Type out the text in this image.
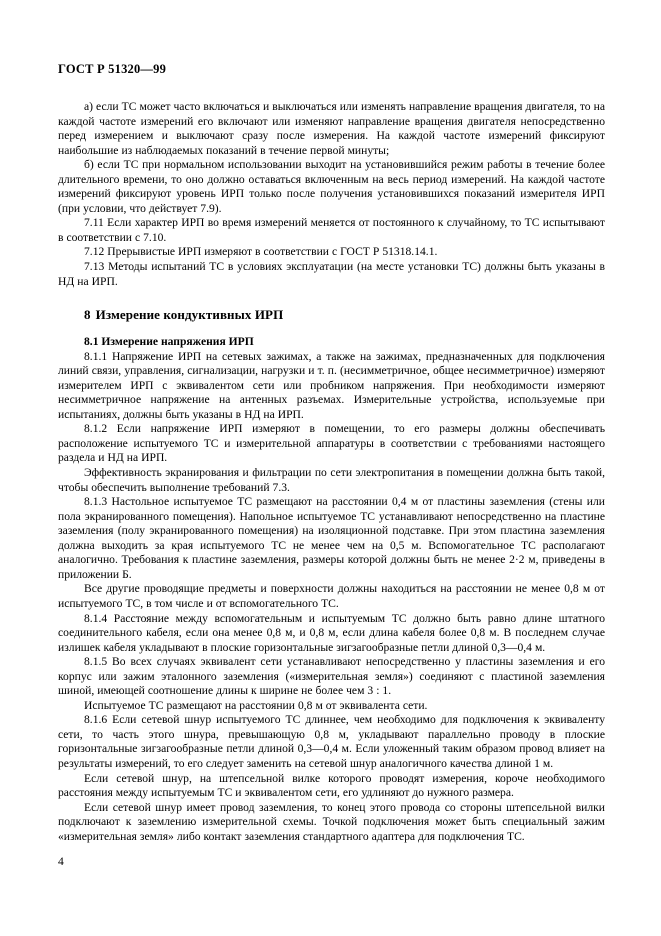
ГОСТ Р 51320—99

а) если ТС может часто включаться и выключаться или изменять направление вращения двигателя, то на каждой частоте измерений его включают или изменяют направление вращения двигателя непосредственно перед измерением и выключают сразу после измерения. На каждой частоте измерений фиксируют наибольшие из наблюдаемых показаний в течение первой минуты;

б) если ТС при нормальном использовании выходит на установившийся режим работы в течение более длительного времени, то оно должно оставаться включенным на весь период измерений. На каждой частоте измерений фиксируют уровень ИРП только после получения установившихся показаний измерителя ИРП (при условии, что действует 7.9).

7.11 Если характер ИРП во время измерений меняется от постоянного к случайному, то ТС испытывают в соответствии с 7.10.

7.12 Прерывистые ИРП измеряют в соответствии с ГОСТ Р 51318.14.1.

7.13 Методы испытаний ТС в условиях эксплуатации (на месте установки ТС) должны быть указаны в НД на ИРП.

8 Измерение кондуктивных ИРП
8.1 Измерение напряжения ИРП

8.1.1 Напряжение ИРП на сетевых зажимах, а также на зажимах, предназначенных для подключения линий связи, управления, сигнализации, нагрузки и т. п. (несимметричное, общее несимметричное) измеряют измерителем ИРП с эквивалентом сети или пробником напряжения. При необходимости измеряют несимметричное напряжение на антенных разъемах. Измерительные устройства, используемые при испытаниях, должны быть указаны в НД на ИРП.

8.1.2 Если напряжение ИРП измеряют в помещении, то его размеры должны обеспечивать расположение испытуемого ТС и измерительной аппаратуры в соответствии с требованиями настоящего раздела и НД на ИРП.

Эффективность экранирования и фильтрации по сети электропитания в помещении должна быть такой, чтобы обеспечить выполнение требований 7.3.

8.1.3 Настольное испытуемое ТС размещают на расстоянии 0,4 м от пластины заземления (стены или пола экранированного помещения). Напольное испытуемое ТС устанавливают непосредственно на пластине заземления (полу экранированного помещения) на изоляционной подставке. При этом пластина заземления должна выходить за края испытуемого ТС не менее чем на 0,5 м. Вспомогательное ТС располагают аналогично. Требования к пластине заземления, размеры которой должны быть не менее 2·2 м, приведены в приложении Б.

Все другие проводящие предметы и поверхности должны находиться на расстоянии не менее 0,8 м от испытуемого ТС, в том числе и от вспомогательного ТС.

8.1.4 Расстояние между вспомогательным и испытуемым ТС должно быть равно длине штатного соединительного кабеля, если она менее 0,8 м, и 0,8 м, если длина кабеля более 0,8 м. В последнем случае излишек кабеля укладывают в плоские горизонтальные зигзагообразные петли длиной 0,3—0,4 м.

8.1.5 Во всех случаях эквивалент сети устанавливают непосредственно у пластины заземления и его корпус или зажим эталонного заземления («измерительная земля») соединяют с пластиной заземления шиной, имеющей соотношение длины к ширине не более чем 3 : 1.

Испытуемое ТС размещают на расстоянии 0,8 м от эквивалента сети.

8.1.6 Если сетевой шнур испытуемого ТС длиннее, чем необходимо для подключения к эквиваленту сети, то часть этого шнура, превышающую 0,8 м, укладывают параллельно проводу в плоские горизонтальные зигзагообразные петли длиной 0,3—0,4 м. Если уложенный таким образом провод влияет на результаты измерений, то его следует заменить на сетевой шнур аналогичного качества длиной 1 м.

Если сетевой шнур, на штепсельной вилке которого проводят измерения, короче необходимого расстояния между испытуемым ТС и эквивалентом сети, его удлиняют до нужного размера.

Если сетевой шнур имеет провод заземления, то конец этого провода со стороны штепсельной вилки подключают к заземлению измерительной схемы. Точкой подключения может быть специальный зажим «измерительная земля» либо контакт заземления стандартного адаптера для подключения ТС.

4
